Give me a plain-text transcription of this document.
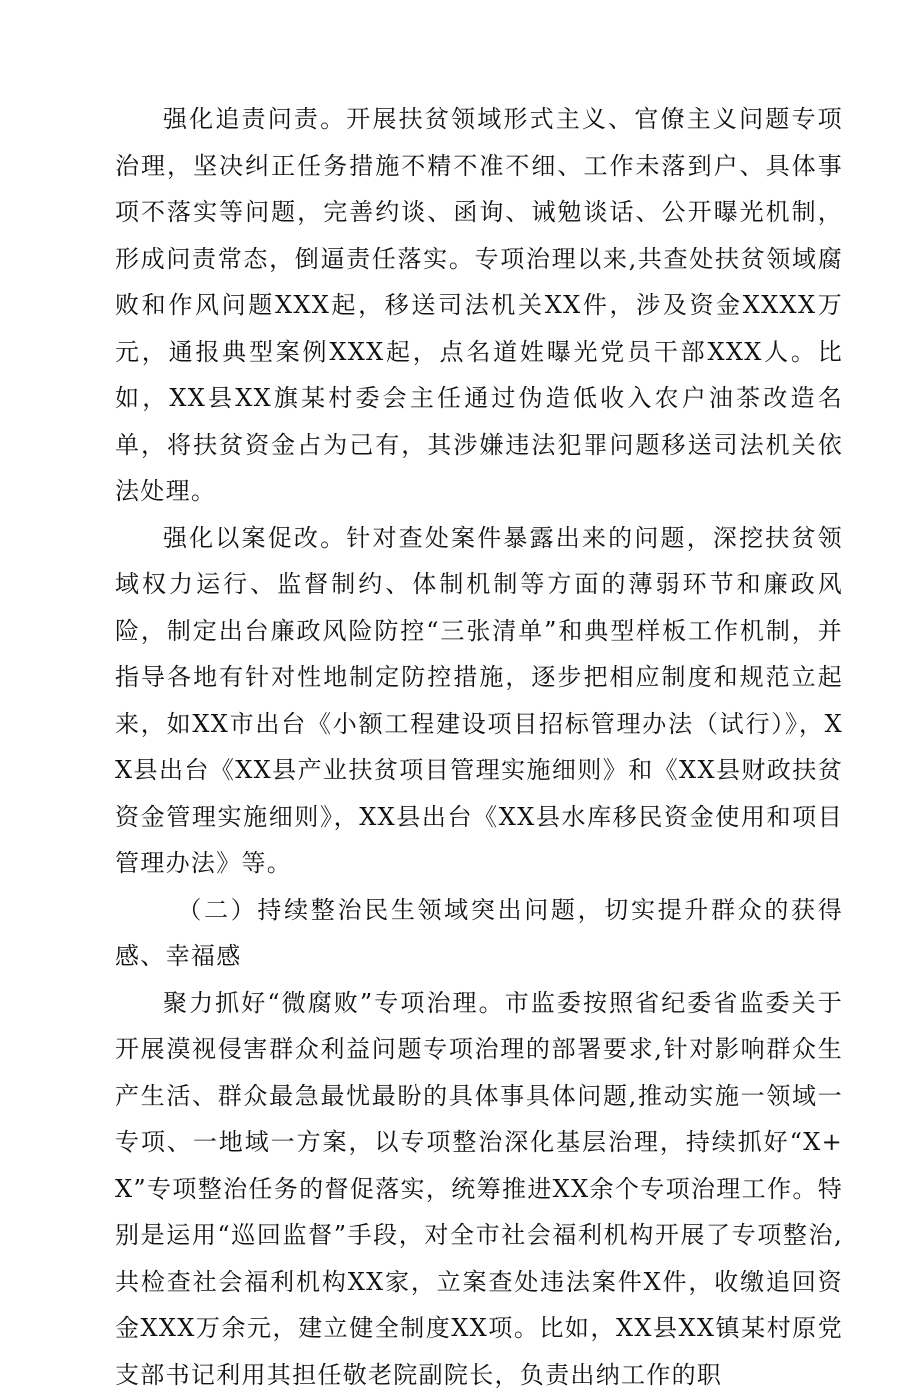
强化追责问责。开展扶贫领域形式主义、官僚主义问题专项治理，坚决纠正任务措施不精不准不细、工作未落到户、具体事项不落实等问题，完善约谈、函询、诫勉谈话、公开曝光机制，形成问责常态，倒逼责任落实。专项治理以来,共查处扶贫领域腐败和作风问题XXX起，移送司法机关XX件，涉及资金XXXX万元，通报典型案例XXX起，点名道姓曝光党员干部XXX人。比如，XX县XX旗某村委会主任通过伪造低收入农户油茶改造名单，将扶贫资金占为己有，其涉嫌违法犯罪问题移送司法机关依法处理。

强化以案促改。针对查处案件暴露出来的问题，深挖扶贫领域权力运行、监督制约、体制机制等方面的薄弱环节和廉政风险，制定出台廉政风险防控“三张清单”和典型样板工作机制，并指导各地有针对性地制定防控措施，逐步把相应制度和规范立起来，如XX市出台《小额工程建设项目招标管理办法（试行）》，XX县出台《XX县产业扶贫项目管理实施细则》和《XX县财政扶贫资金管理实施细则》，XX县出台《XX县水库移民资金使用和项目管理办法》等。

（二）持续整治民生领域突出问题，切实提升群众的获得感、幸福感

聚力抓好“微腐败”专项治理。市监委按照省纪委省监委关于开展漠视侵害群众利益问题专项治理的部署要求,针对影响群众生产生活、群众最急最忧最盼的具体事具体问题,推动实施一领域一专项、一地域一方案，以专项整治深化基层治理，持续抓好“X+X”专项整治任务的督促落实，统筹推进XX余个专项治理工作。特别是运用“巡回监督”手段，对全市社会福利机构开展了专项整治,共检查社会福利机构XX家，立案查处违法案件X件，收缴追回资金XXX万余元，建立健全制度XX项。比如，XX县XX镇某村原党支部书记利用其担任敬老院副院长，负责出纳工作的职
